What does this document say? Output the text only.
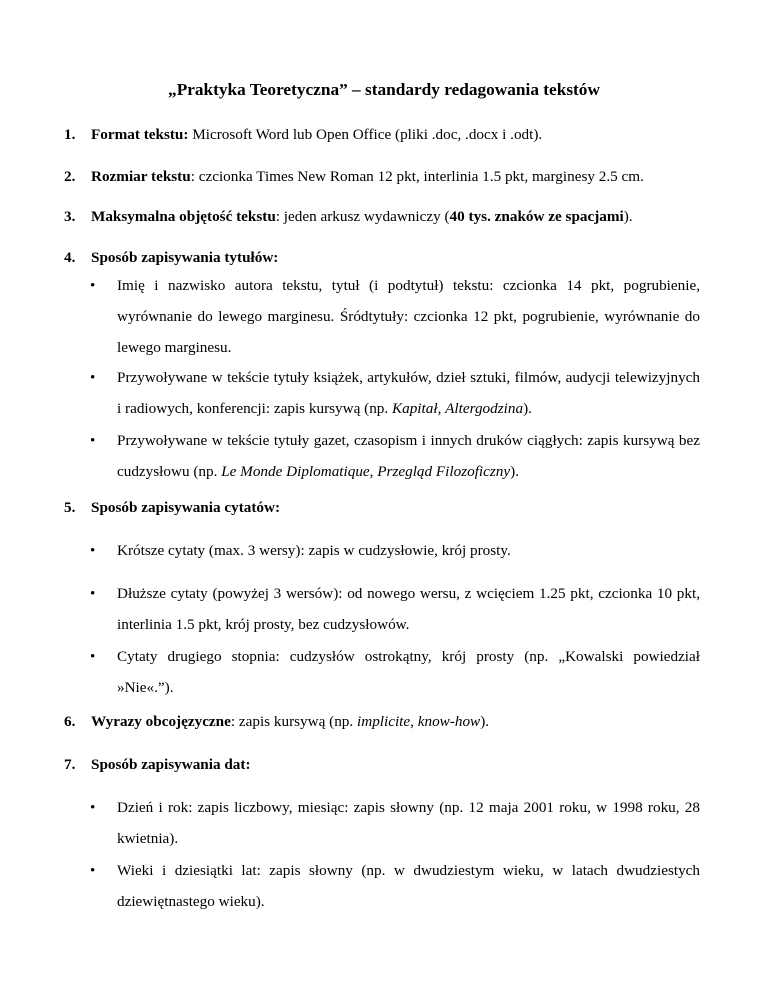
„Praktyka Teoretyczna” – standardy redagowania tekstów
1. Format tekstu: Microsoft Word lub Open Office (pliki .doc, .docx i .odt).
2. Rozmiar tekstu: czcionka Times New Roman 12 pkt, interlinia 1.5 pkt, marginesy 2.5 cm.
3. Maksymalna objętość tekstu: jeden arkusz wydawniczy (40 tys. znaków ze spacjami).
4. Sposób zapisywania tytułów:
• Imię i nazwisko autora tekstu, tytuł (i podtytuł) tekstu: czcionka 14 pkt, pogrubienie, wyrównanie do lewego marginesu. Śródtytuły: czcionka 12 pkt, pogrubienie, wyrównanie do lewego marginesu.
• Przywoływane w tekście tytuły książek, artykułów, dzieł sztuki, filmów, audycji telewizyjnych i radiowych, konferencji: zapis kursywą (np. Kapitał, Altergodzina).
• Przywoływane w tekście tytuły gazet, czasopism i innych druków ciągłych: zapis kursywą bez cudzysłowu (np. Le Monde Diplomatique, Przegląd Filozoficzny).
5. Sposób zapisywania cytatów:
• Krótsze cytaty (max. 3 wersy): zapis w cudzysłowie, krój prosty.
• Dłuższe cytaty (powyżej 3 wersów): od nowego wersu, z wcięciem 1.25 pkt, czcionka 10 pkt, interlinia 1.5 pkt, krój prosty, bez cudzysłowów.
• Cytaty drugiego stopnia: cudzysłów ostrokątny, krój prosty (np. „Kowalski powiedział »Nie«.”).
6. Wyrazy obcojęzyczne: zapis kursywą (np. implicite, know-how).
7. Sposób zapisywania dat:
• Dzień i rok: zapis liczbowy, miesiąc: zapis słowny (np. 12 maja 2001 roku, w 1998 roku, 28 kwietnia).
• Wieki i dziesiątki lat: zapis słowny (np. w dwudziestym wieku, w latach dwudziestych dziewiętnastego wieku).
